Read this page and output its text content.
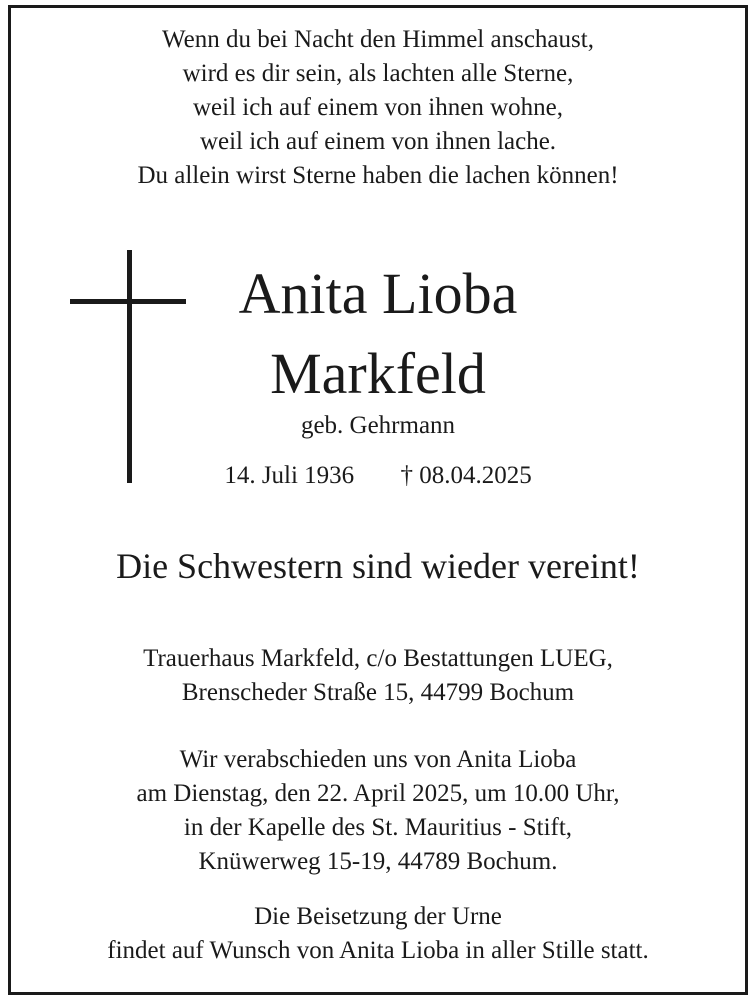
Wenn du bei Nacht den Himmel anschaust,
wird es dir sein, als lachten alle Sterne,
weil ich auf einem von ihnen wohne,
weil ich auf einem von ihnen lache.
Du allein wirst Sterne haben die lachen können!
Anita Lioba
Markfeld
geb. Gehrmann
14. Juli 1936 † 08.04.2025
Die Schwestern sind wieder vereint!
Trauerhaus Markfeld, c/o Bestattungen LUEG,
Brenscheder Straße 15, 44799 Bochum
Wir verabschieden uns von Anita Lioba
am Dienstag, den 22. April 2025, um 10.00 Uhr,
in der Kapelle des St. Mauritius - Stift,
Knüwerweg 15-19, 44789 Bochum.
Die Beisetzung der Urne
findet auf Wunsch von Anita Lioba in aller Stille statt.
